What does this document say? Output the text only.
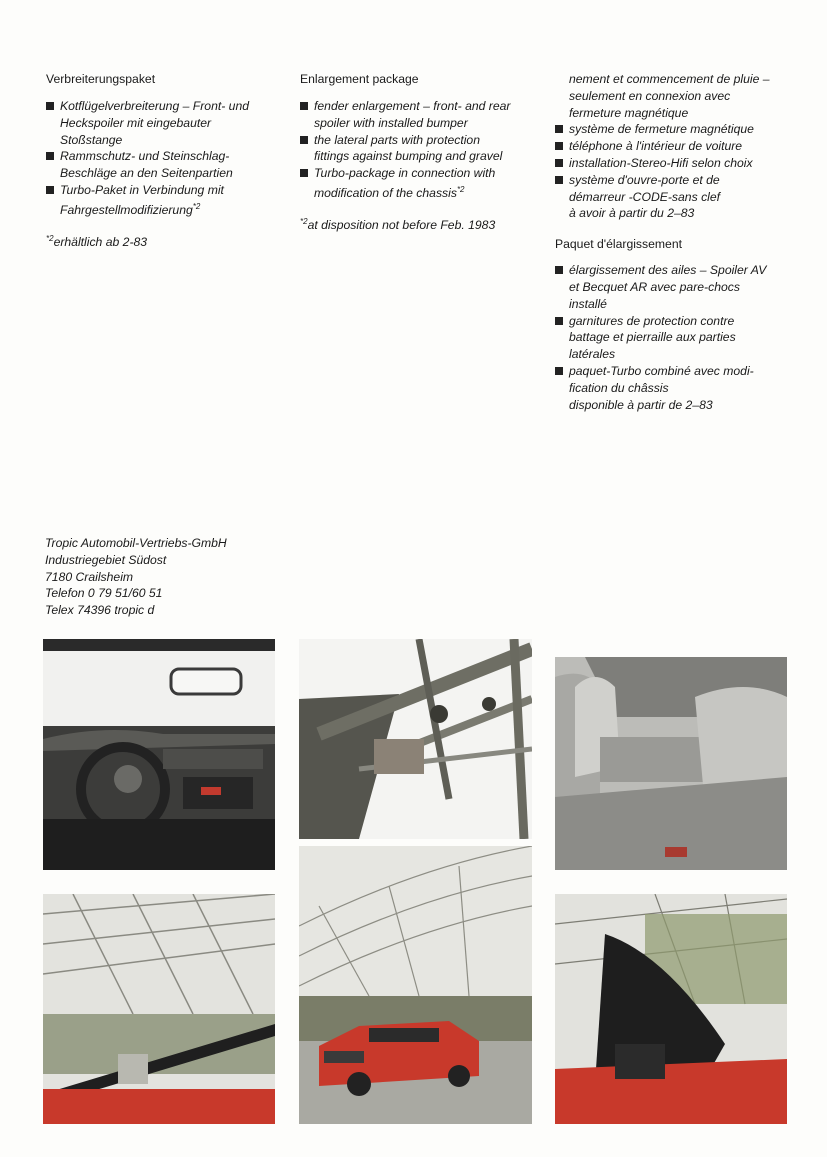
Verbreiterungspaket
Kotflügelverbreiterung – Front- und
Heckspoiler mit eingebauter
Stoßstange
Rammschutz- und Steinschlag-
Beschläge an den Seitenpartien
Turbo-Paket in Verbindung mit
Fahrgestellmodifizierung$^{*2}$
$^{*2}$erhältlich ab 2-83
Enlargement package
fender enlargement – front- and rear
spoiler with installed bumper
the lateral parts with protection
fittings against bumping and gravel
Turbo-package in connection with
modification of the chassis$^{*2}$
$^{*2}$at disposition not before Feb. 1983
nement et commencement de pluie –
seulement en connexion avec
fermeture magnétique
système de fermeture magnétique
téléphone à l'intérieur de voiture
installation-Stereo-Hifi selon choix
système d'ouvre-porte et de
démarreur -CODE-sans clef
à avoir à partir du 2–83
Paquet d'élargissement
élargissement des ailes – Spoiler AV
et Becquet AR avec pare-chocs
installé
garnitures de protection contre
battage et pierraille aux parties
latérales
paquet-Turbo combiné avec modi-
fication du châssis
disponible à partir de 2–83
Tropic Automobil-Vertriebs-GmbH
Industriegebiet Südost
7180 Crailsheim
Telefon 0 79 51/60 51
Telex 74396 tropic d
